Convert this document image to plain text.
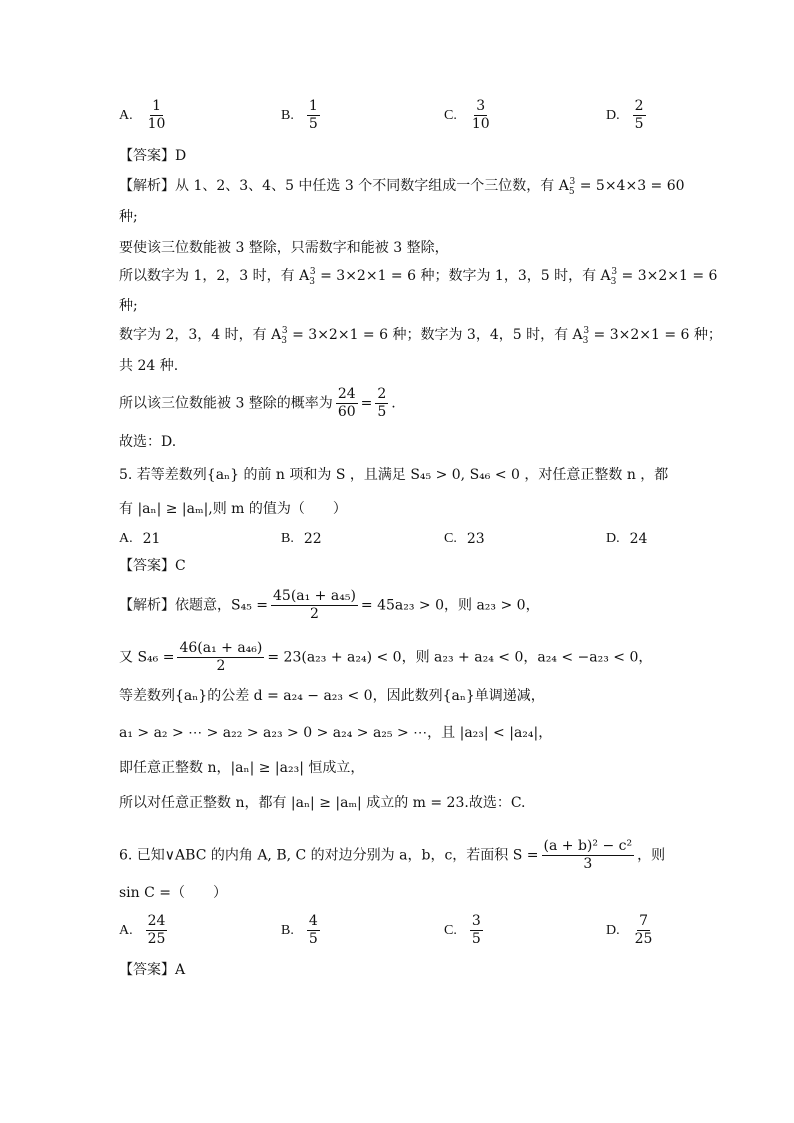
A. $\frac{1}{10}$	B. $\frac{1}{5}$	C. $\frac{3}{10}$	D. $\frac{2}{5}$
【答案】D
【解析】从 1、2、3、4、5 中任选 3 个不同数字组成一个三位数，有 $A_5^3 = 5\times 4\times 3 = 60$
种;
要使该三位数能被 3 整除，只需数字和能被 3 整除，
所以数字为 1，2，3 时，有 $A_3^3 = 3\times 2\times 1 = 6$ 种；数字为 1，3，5 时，有 $A_3^3 = 3\times 2\times 1 = 6$
种;
数字为 2，3，4 时，有 $A_3^3 = 3\times 2\times 1 = 6$ 种；数字为 3，4，5 时，有 $A_3^3 = 3\times 2\times 1 = 6$ 种；
共 24 种.
所以该三位数能被 3 整除的概率为 $\frac{24}{60} = \frac{2}{5}$ .
故选：D.
5. 若等差数列{aₙ} 的前 n 项和为 S ，且满足 S₄₅ > 0, S₄₆ < 0 ，对任意正整数 n ，都
有 |aₙ| ≥ |aₘ|,则 m 的值为（　　）
A. 21	B. 22	C. 23	D. 24
【答案】C
【解析】依题意，$S_{45} = \frac{\text{45(a₁ + a₄₅)}}{2} = 45a_{23} > 0$，则 a₂₃ > 0，
又 $S_{46} = \frac{\text{46(a₁ + a₄₆)}}{2} = 23(a_{23} + a_{24}) < 0$，则 a₂₃ + a₂₄ < 0，a₂₄ < −a₂₃ < 0，
等差数列{aₙ}的公差 d = a₂₄ − a₂₃ < 0，因此数列{aₙ}单调递减，
a₁ > a₂ > ⋯ > a₂₂ > a₂₃ > 0 > a₂₄ > a₂₅ > ⋯，且 |a₂₃| < |a₂₄|，
即任意正整数 n，|aₙ| ≥ |a₂₃| 恒成立，
所以对任意正整数 n，都有 |aₙ| ≥ |aₘ| 成立的 m = 23.故选：C.
6. 已知∨ABC 的内角 A, B, C 的对边分别为 a，b，c，若面积 $S = \frac{\text{(a + b)² − c²}}{3}$ ，则
sin C =（　　）
A. $\frac{24}{25}$	B. $\frac{4}{5}$	C. $\frac{3}{5}$	D. $\frac{7}{25}$
【答案】A
